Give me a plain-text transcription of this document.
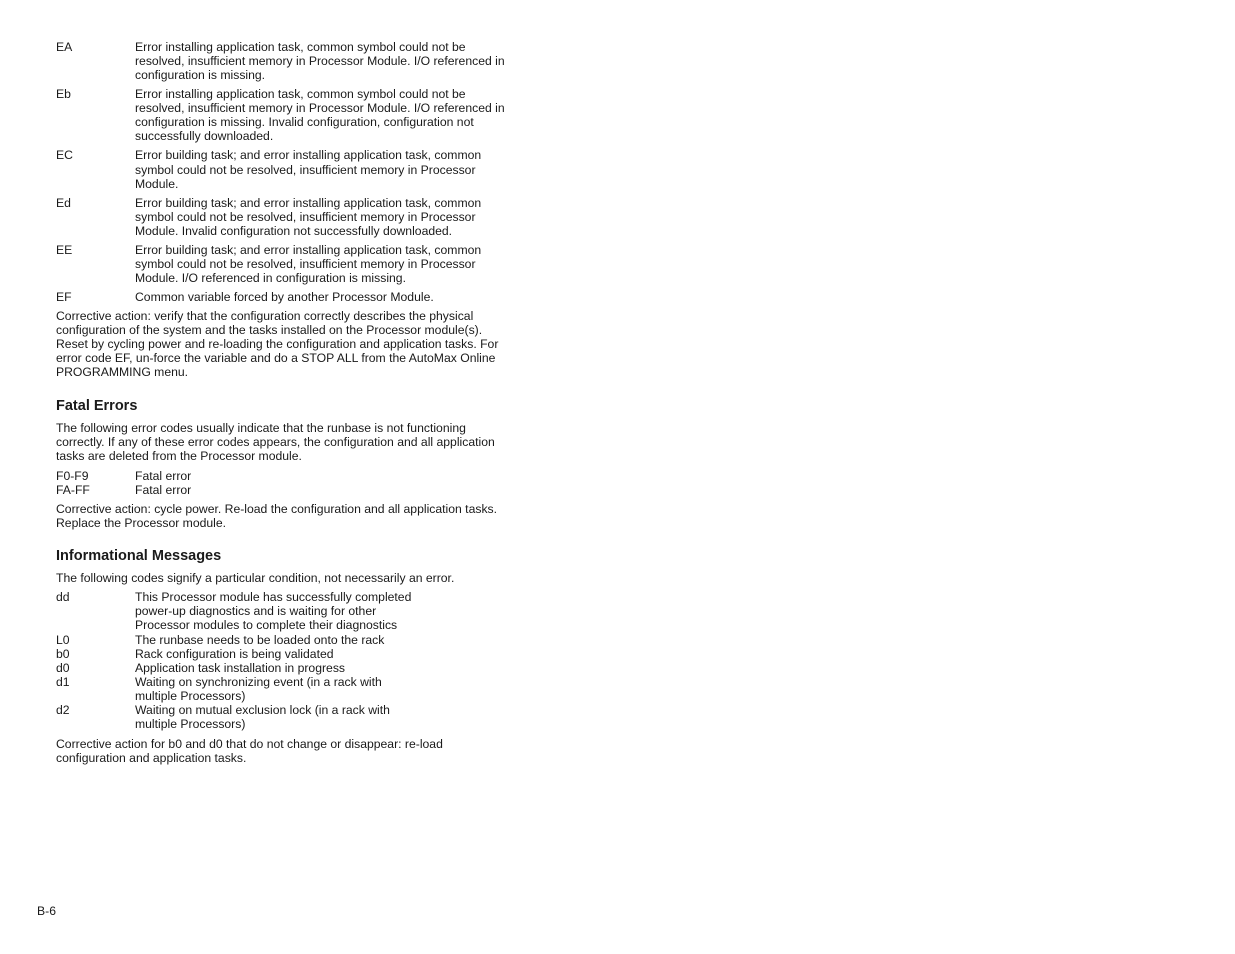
EA	Error installing application task, common symbol could not be resolved, insufficient memory in Processor Module. I/O referenced in configuration is missing.
Eb	Error installing application task, common symbol could not be resolved, insufficient memory in Processor Module. I/O referenced in configuration is missing. Invalid configuration, configuration not successfully downloaded.
EC	Error building task; and error installing application task, common symbol could not be resolved, insufficient memory in Processor Module.
Ed	Error building task; and error installing application task, common symbol could not be resolved, insufficient memory in Processor Module. Invalid configuration not successfully downloaded.
EE	Error building task; and error installing application task, common symbol could not be resolved, insufficient memory in Processor Module. I/O referenced in configuration is missing.
EF	Common variable forced by another Processor Module.

Corrective action: verify that the configuration correctly describes the physical configuration of the system and the tasks installed on the Processor module(s). Reset by cycling power and re-loading the configuration and application tasks. For error code EF, un-force the variable and do a STOP ALL from the AutoMax Online PROGRAMMING menu.

Fatal Errors

The following error codes usually indicate that the runbase is not functioning correctly. If any of these error codes appears, the configuration and all application tasks are deleted from the Processor module.

F0-F9	Fatal error
FA-FF	Fatal error

Corrective action: cycle power. Re-load the configuration and all application tasks. Replace the Processor module.

Informational Messages

The following codes signify a particular condition, not necessarily an error.

dd	This Processor module has successfully completed power-up diagnostics and is waiting for other Processor modules to complete their diagnostics
L0	The runbase needs to be loaded onto the rack
b0	Rack configuration is being validated
d0	Application task installation in progress
d1	Waiting on synchronizing event (in a rack with multiple Processors)
d2	Waiting on mutual exclusion lock (in a rack with multiple Processors)

Corrective action for b0 and d0 that do not change or disappear: re-load configuration and application tasks.

B-6
